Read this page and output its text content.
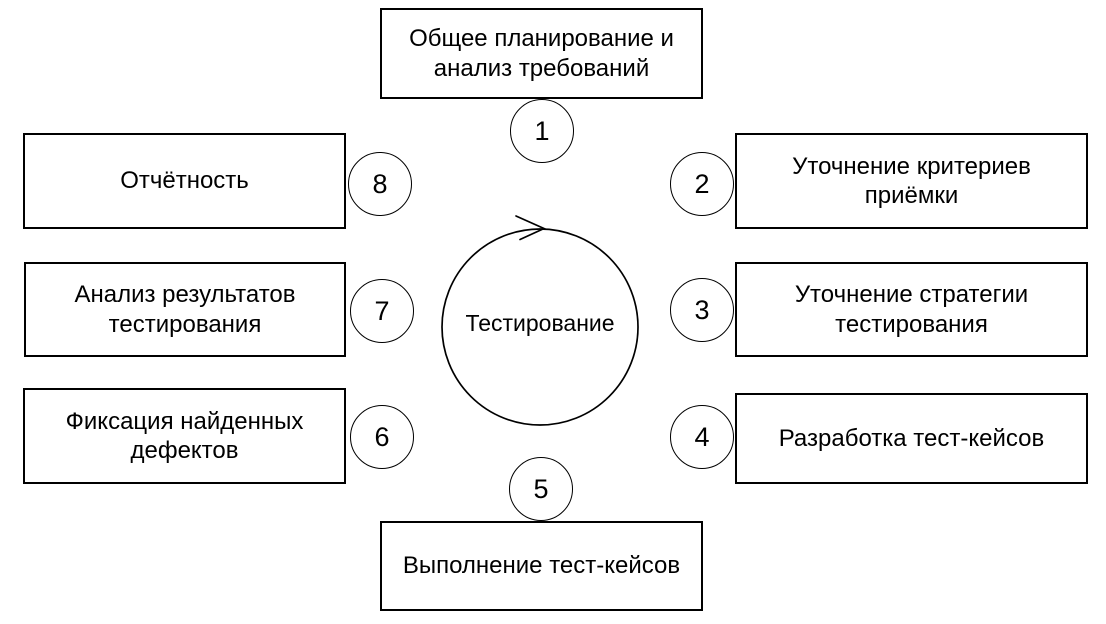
Тестирование
Общее планирование и анализ требований
Уточнение критериев приёмки
Уточнение стратегии тестирования
Разработка тест-кейсов
Выполнение тест-кейсов
Фиксация найденных дефектов
Анализ результатов тестирования
Отчётность
1
2
3
4
5
6
7
8
